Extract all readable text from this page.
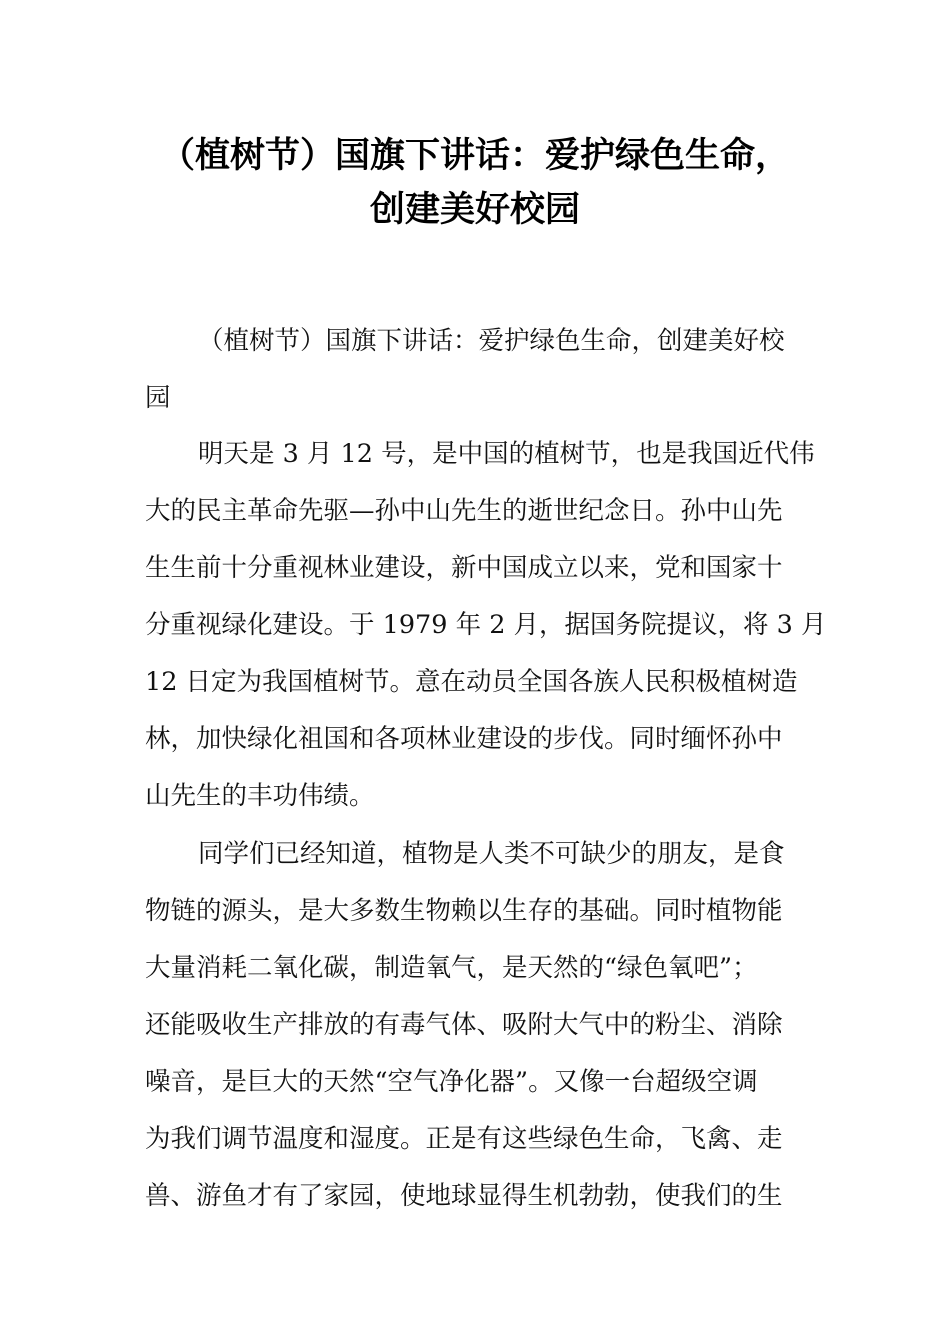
（植树节）国旗下讲话：爱护绿色生命，
创建美好校园
（植树节）国旗下讲话：爱护绿色生命，创建美好校
园
明天是 3 月 12 号，是中国的植树节，也是我国近代伟
大的民主革命先驱—孙中山先生的逝世纪念日。孙中山先
生生前十分重视林业建设，新中国成立以来，党和国家十
分重视绿化建设。于 1979 年 2 月，据国务院提议，将 3 月
12 日定为我国植树节。意在动员全国各族人民积极植树造
林，加快绿化祖国和各项林业建设的步伐。同时缅怀孙中
山先生的丰功伟绩。
同学们已经知道，植物是人类不可缺少的朋友，是食
物链的源头，是大多数生物赖以生存的基础。同时植物能
大量消耗二氧化碳，制造氧气，是天然的“绿色氧吧”；
还能吸收生产排放的有毒气体、吸附大气中的粉尘、消除
噪音，是巨大的天然“空气净化器”。又像一台超级空调
为我们调节温度和湿度。正是有这些绿色生命，飞禽、走
兽、游鱼才有了家园，使地球显得生机勃勃，使我们的生
